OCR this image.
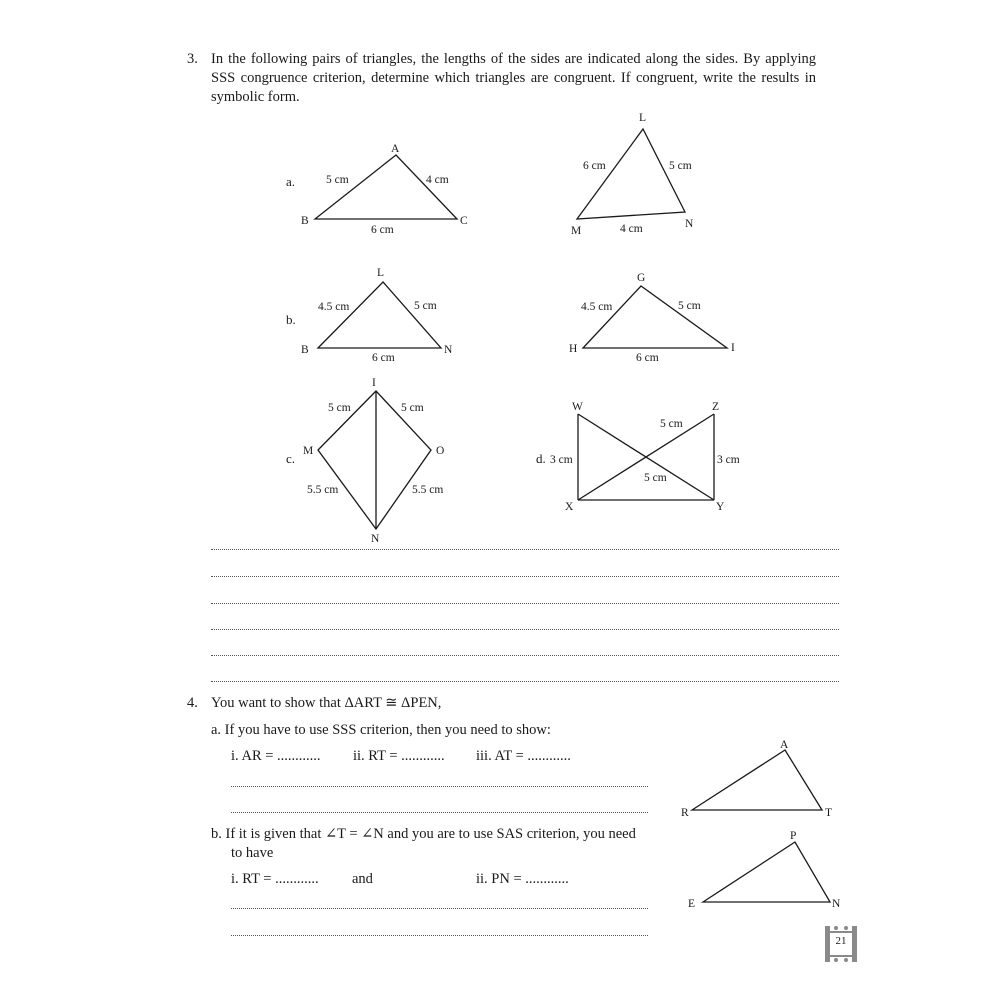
3. In the following pairs of triangles, the lengths of the sides are indicated along the sides. By applying
SSS congruence criterion, determine which triangles are congruent. If congruent, write the results in
symbolic form.
a.
A
B	C
5 cm	4 cm
6 cm
L
M
N
6 cm	5 cm
4 cm
b.
L
B	N
4.5 cm	5 cm
6 cm
G
H	I
4.5 cm	5 cm
6 cm
c.
I
M	O
N
5 cm	5 cm
5.5 cm	5.5 cm
d.
W	Z
X	Y
3 cm	3 cm
5 cm
5 cm
A
R	T
P
E	N
21
4. You want to show that ΔART ≅ ΔPEN,
a. If you have to use SSS criterion, then you need to show:
i. AR = ............ ii. RT = ............ iii. AT = ............
b. If it is given that ∠T = ∠N and you are to use SAS criterion, you need
to have
i. RT = ............ and	ii. PN = ............
